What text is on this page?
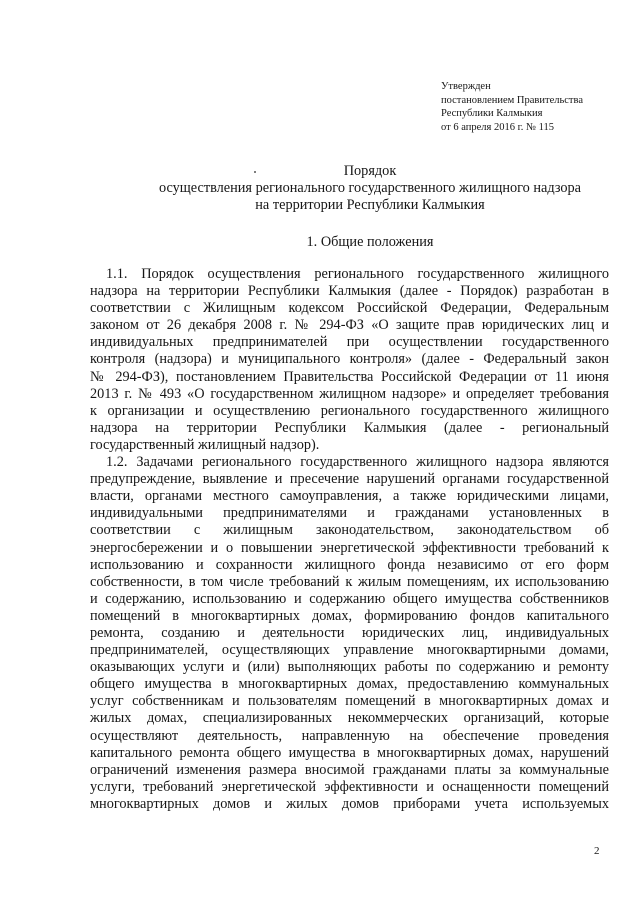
Утвержден
постановлением Правительства
Республики Калмыкия
от 6 апреля 2016 г. № 115
Порядок
осуществления регионального государственного жилищного надзора
на территории Республики Калмыкия
1. Общие положения
1.1. Порядок осуществления регионального государственного жилищного
надзора на территории Республики Калмыкия (далее - Порядок) разработан в
соответствии с Жилищным кодексом Российской Федерации, Федеральным
законом от 26 декабря 2008 г. № 294-ФЗ «О защите прав юридических лиц и
индивидуальных предпринимателей при осуществлении государственного
контроля (надзора) и муниципального контроля» (далее - Федеральный закон
№ 294-ФЗ), постановлением Правительства Российской Федерации от 11 июня
2013 г. № 493 «О государственном жилищном надзоре» и определяет требования
к организации и осуществлению регионального государственного жилищного
надзора на территории Республики Калмыкия (далее - региональный
государственный жилищный надзор).
1.2. Задачами регионального государственного жилищного надзора являются
предупреждение, выявление и пресечение нарушений органами государственной
власти, органами местного самоуправления, а также юридическими лицами,
индивидуальными предпринимателями и гражданами установленных в
соответствии с жилищным законодательством, законодательством об
энергосбережении и о повышении энергетической эффективности требований к
использованию и сохранности жилищного фонда независимо от его форм
собственности, в том числе требований к жилым помещениям, их использованию
и содержанию, использованию и содержанию общего имущества собственников
помещений в многоквартирных домах, формированию фондов капитального
ремонта, созданию и деятельности юридических лиц, индивидуальных
предпринимателей, осуществляющих управление многоквартирными домами,
оказывающих услуги и (или) выполняющих работы по содержанию и ремонту
общего имущества в многоквартирных домах, предоставлению коммунальных
услуг собственникам и пользователям помещений в многоквартирных домах и
жилых домах, специализированных некоммерческих организаций, которые
осуществляют деятельность, направленную на обеспечение проведения
капитального ремонта общего имущества в многоквартирных домах, нарушений
ограничений изменения размера вносимой гражданами платы за коммунальные
услуги, требований энергетической эффективности и оснащенности помещений
многоквартирных домов и жилых домов приборами учета используемых
2
